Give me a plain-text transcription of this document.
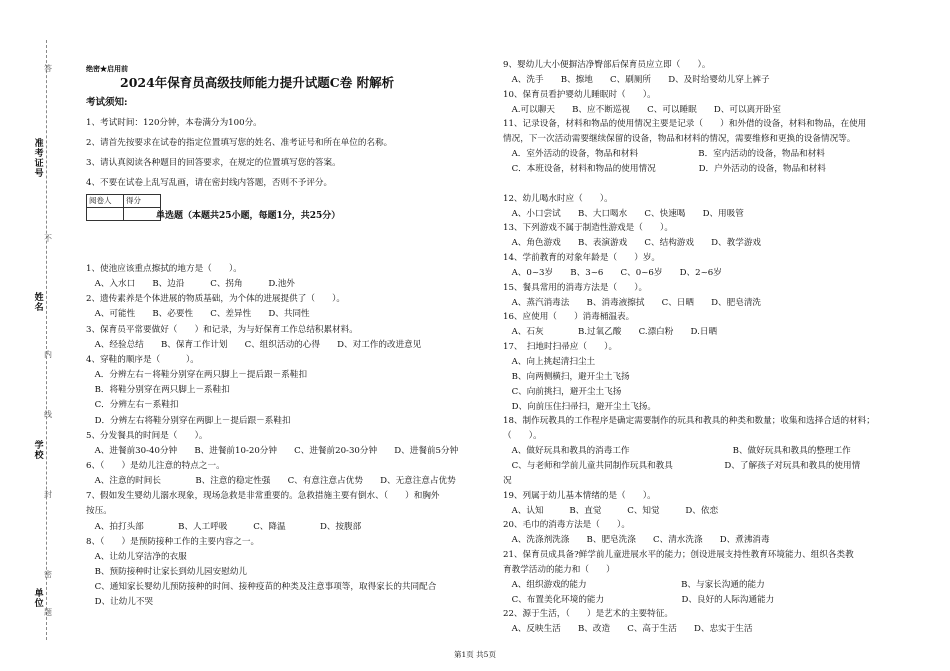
准考证号
姓名
学校
单位
题
答
不
内
线
封
密
绝密★启用前
2024年保育员高级技师能力提升试题C卷 附解析
考试须知:
1、考试时间：120分钟，本卷满分为100分。
2、请首先按要求在试卷的指定位置填写您的姓名、准考证号和所在单位的名称。
3、请认真阅读各种题目的回答要求，在规定的位置填写您的答案。
4、不要在试卷上乱写乱画，请在密封线内答题，否则不予评分。
阅卷人	得分

单选题（本题共25小题，每题1分，共25分）
1、使池应该重点擦拭的地方是（　　）。
　A、入水口　　B、边沿　　　C、拐角　　　D.池外
2、遗传素养是个体进展的物质基础，为个体的进展提供了（　　）。
　A、可能性　　B、必要性　　C、差异性　　D、共同性
3、保育员平常要做好（　　）和记录，为与好保育工作总结积累材料。
　A、经验总结　　B、保育工作计划　　C、组织活动的心得　　D、对工作的改进意见
4、穿鞋的顺序是（　　　）。
　A．分辨左右－将鞋分别穿在两只脚上－提后跟－系鞋扣
　B．将鞋分别穿在两只脚上－系鞋扣
　C．分辨左右－系鞋扣
　D．分辨左右将鞋分别穿在两脚上－提后跟－系鞋扣
5、分发餐具的时间是（　　）。
　A、进餐前30-40分钟　　B、进餐前10-20分钟　　C、进餐前20-30分钟　　D、进餐前5分钟
6、（　　）是幼儿注意的特点之一。
　A、注意的时间长　　　　B、注意的稳定性强　　C、有意注意占优势　　D、无意注意占优势
7、假如发生婴幼儿溺水现象，现场急救是非常重要的。急救措施主要有倒水、（　　）和胸外
按压。
　A、拍打头部　　　　B、人工呼吸　　　C、降温　　　　D、按腹部
8、（　　）是预防接种工作的主要内容之一。
　A、让幼儿穿洁净的衣服
　B、预防接种时让家长到幼儿园安慰幼儿
　C、通知家长婴幼儿预防接种的时间、接种疫苗的种类及注意事项等，取得家长的共同配合
　D、让幼儿不哭
9、婴幼儿大小便摒洁净臀部后保育员应立即（　　）。
　A、洗手　　B、擦地　　C、刷厕所　　D、及时给婴幼儿穿上裤子
10、保育员看护婴幼儿睡眠时（　　）。
　A.可以聊天　　B、应不断巡视　　C、可以睡眠　　D、可以离开卧室
11、记录设备，材料和物品的使用情况主要是记录（　　）和外借的设备，材料和物品，在使用
情况，下一次活动需要继续保留的设备，物品和材料的情况，需要维修和更换的设备情况等。
　A．室外活动的设备，物品和材料　　　　　　　B．室内活动的设备，物品和材料
　C．本班设备，材料和物品的使用情况　　　　　D．户外活动的设备，物品和材料
12、幼儿喝水时应（　　）。
　A、小口尝试　　B、大口喝水　　C、快速喝　　D、用吸管
13、下列游戏不属于制造性游戏是（　　）。
　A、角色游戏　　B、表演游戏　　C、结构游戏　　D、教学游戏
14、学前教育的对象年龄是（　　）岁。
　A、0~3岁　　B、3~6　　C、0~6岁　　D、2~6岁
15、餐具常用的消毒方法是（　　）。
　A、蒸汽消毒法　　B、消毒液擦拭　　C、日晒　　D、肥皂清洗
16、应使用（　　）消毒桶温表。
　A、石灰　　　　B.过氧乙酸　　C.漂白粉　　D.日晒
17、　扫地时扫帚应（　　）。
　A、向上挑起清扫尘土
　B、向两侧横扫，避开尘土飞扬
　C、向前挑扫，避开尘土飞扬
　D、向前压住扫帚扫，避开尘土飞扬。
18、制作玩教具的工作程序是确定需要制作的玩具和教具的种类和数量；收集和选择合适的材料；
（　　）。
　A、做好玩具和教具的消毒工作　　　　　　　　　　　　B、做好玩具和教具的整理工作
　C、与老师和学前儿童共同制作玩具和教具　　　　　　D、了解孩子对玩具和教具的使用情
况
19、列属于幼儿基本情绪的是（　　）。
　A、认知　　　B、直觉　　　C、知觉　　　D、依恋
20、毛巾的消毒方法是（　　）。
　A、洗涤剂洗涤　　B、肥皂洗涤　　C、清水洗涤　　D、煮沸消毒
21、保育员成具备?鲜学前儿童进展水平的能力；创设进展支持性教育环境能力、组织各类教
育教学活动的能力和（　　）
　A、组织游戏的能力　　　　　　　　　　　B、与家长沟通的能力
　C、布置美化环境的能力　　　　　　　　　D、良好的人际沟通能力
22、源于生活，（　　）是艺术的主要特征。
　A、反映生活　　B、改造　　C、高于生活　　D、忠实于生活
第1页 共5页
